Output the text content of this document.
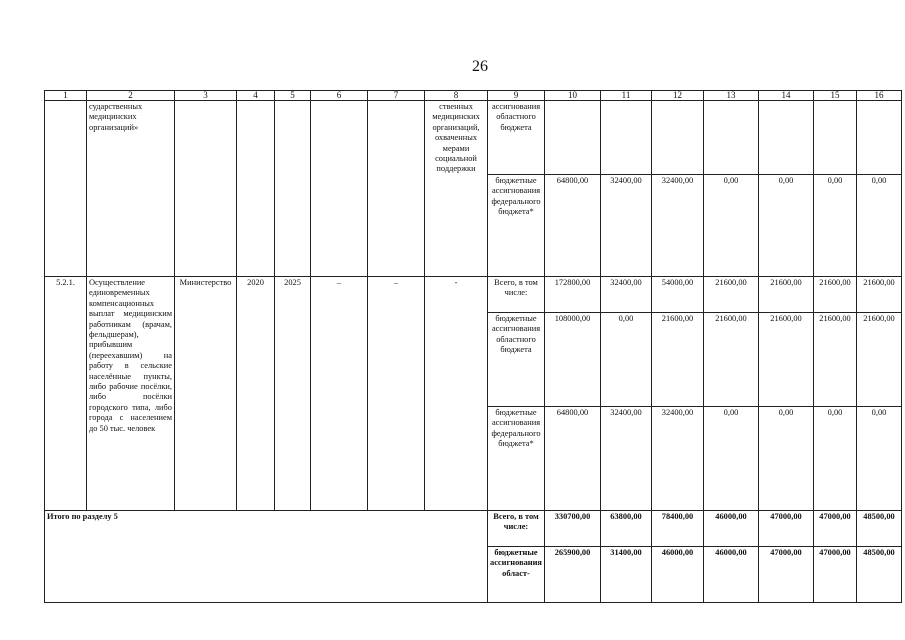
26
1	2	3	4	5	6	7	8	9	10	11	12	13	14	15	16
	сударственных медицинских организаций»						ственных медицинских организаций, охваченных мерами социальной поддержки	ассигнования областного бюджета							
								бюджетные ассигнования федерального бюджета*	64800,00	32400,00	32400,00	0,00	0,00	0,00	0,00
5.2.1.	Осуществление единовременных компенсационных выплат медицинским работникам (врачам, фельдшерам), прибывшим (переехавшим) на работу в сельские населённые пункты, либо рабочие посёлки, либо посёлки городского типа, либо города с населением до 50 тыс. человек	Министерство	2020	2025	–	–	-	Всего, в том числе:	172800,00	32400,00	54000,00	21600,00	21600,00	21600,00	21600,00
								бюджетные ассигнования областного бюджета	108000,00	0,00	21600,00	21600,00	21600,00	21600,00	21600,00
								бюджетные ассигнования федерального бюджета*	64800,00	32400,00	32400,00	0,00	0,00	0,00	0,00
Итого по разделу 5								Всего, в том числе:	330700,00	63800,00	78400,00	46000,00	47000,00	47000,00	48500,00
								бюджетные ассигнования област-	265900,00	31400,00	46000,00	46000,00	47000,00	47000,00	48500,00
